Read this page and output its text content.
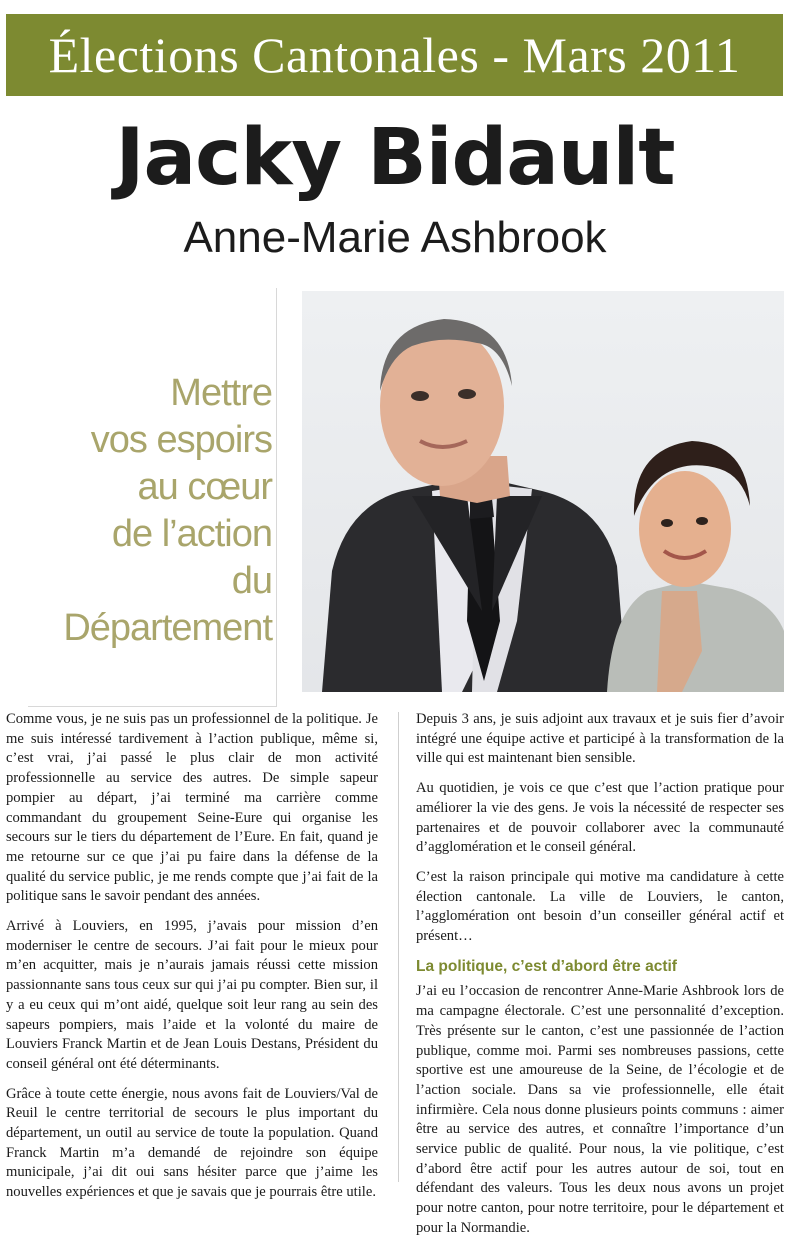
Élections Cantonales - Mars 2011
Jacky Bidault
Anne-Marie Ashbrook
Mettre
vos espoirs
au cœur
de l’action
du
Département

Comme vous, je ne suis pas un professionnel de la politique. Je me suis intéressé tardivement à l’action publique, même si, c’est vrai, j’ai passé le plus clair de mon activité professionnelle au service des autres. De simple sapeur pompier au départ, j’ai terminé ma carrière comme commandant du groupement Seine-Eure qui organise les secours sur le tiers du département de l’Eure. En fait, quand je me retourne sur ce que j’ai pu faire dans la défense de la qualité du service public, je me rends compte que j’ai fait de la politique sans le savoir pendant des années.

Arrivé à Louviers, en 1995, j’avais pour mission d’en moderniser le centre de secours. J’ai fait pour le mieux pour m’en acquitter, mais je n’aurais jamais réussi cette mission passionnante sans tous ceux sur qui j’ai pu compter. Bien sur, il y a eu ceux qui m’ont aidé, quelque soit leur rang au sein des sapeurs pompiers, mais l’aide et la volonté du maire de Louviers Franck Martin et de Jean Louis Destans, Président du conseil général ont été déterminants.

Grâce à toute cette énergie, nous avons fait de Louviers/Val de Reuil le centre territorial de secours le plus important du département, un outil au service de toute la population. Quand Franck Martin m’a demandé de rejoindre son équipe municipale, j’ai dit oui sans hésiter parce que j’aime les nouvelles expériences et que je savais que je pourrais être utile.

Depuis 3 ans, je suis adjoint aux travaux et je suis fier d’avoir intégré une équipe active et participé à la transformation de la ville qui est maintenant bien sensible.

Au quotidien, je vois ce que c’est que l’action pratique pour améliorer la vie des gens. Je vois la nécessité de respecter ses partenaires et de pouvoir collaborer avec la communauté d’agglomération et le conseil général.

C’est la raison principale qui motive ma candidature à cette élection cantonale. La ville de Louviers, le canton, l’agglomération ont besoin d’un conseiller général actif et présent…

La politique, c’est d’abord être actif

J’ai eu l’occasion de rencontrer Anne-Marie Ashbrook lors de ma campagne électorale. C’est une personnalité d’exception. Très présente sur le canton, c’est une passionnée de l’action publique, comme moi. Parmi ses nombreuses passions, cette sportive est une amoureuse de la Seine, de l’écologie et de l’action sociale. Dans sa vie professionnelle, elle était infirmière. Cela nous donne plusieurs points communs : aimer être au service des autres, et connaître l’importance d’un service public de qualité. Pour nous, la vie politique, c’est d’abord être actif pour les autres autour de soi, tout en défendant des valeurs. Tous les deux nous avons un projet pour notre canton, pour notre territoire, pour le département et pour la Normandie.
